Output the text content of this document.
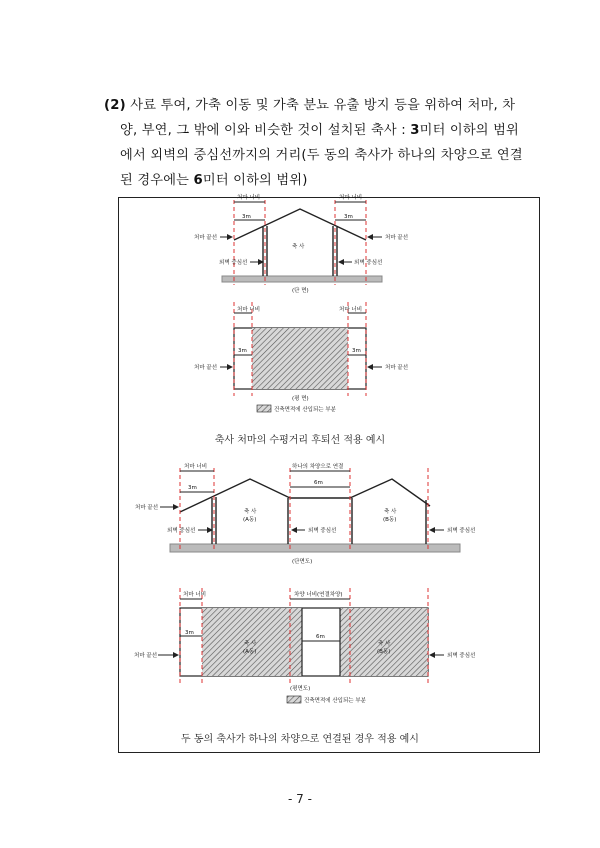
(2) 사료 투여, 가축 이동 및 가축 분뇨 유출 방지 등을 위하여 처마, 차
양, 부연, 그 밖에 이와 비슷한 것이 설치된 축사 : 3미터 이하의 범위
에서 외벽의 중심선까지의 거리(두 동의 축사가 하나의 차양으로 연결
된 경우에는 6미터 이하의 범위)
처마 너비	처마 너비
3m	3m
처마 끝선	처마 끝선
외벽 중심선	외벽 중심선
축 사
(단 면)
처마 너비	처마 너비
3m	3m
처마 끝선	처마 끝선
(평 면)
건축면적에 산입되는 부분
처마 너비
3m
하나의 차양으로 연결
6m
처마 끝선
외벽 중심선	외벽 중심선	외벽 중심선
축 사
(A동)
축 사
(B동)
(단면도)
처마 너비	차양 너비(연결차양)
3m
6m
처마 끝선	외벽 중심선
축 사
(A동)
축 사
(B동)
(평면도)
건축면적에 산입되는 부분
축사 처마의 수평거리 후퇴선 적용 예시
두 동의 축사가 하나의 차양으로 연결된 경우 적용 예시
- 7 -
